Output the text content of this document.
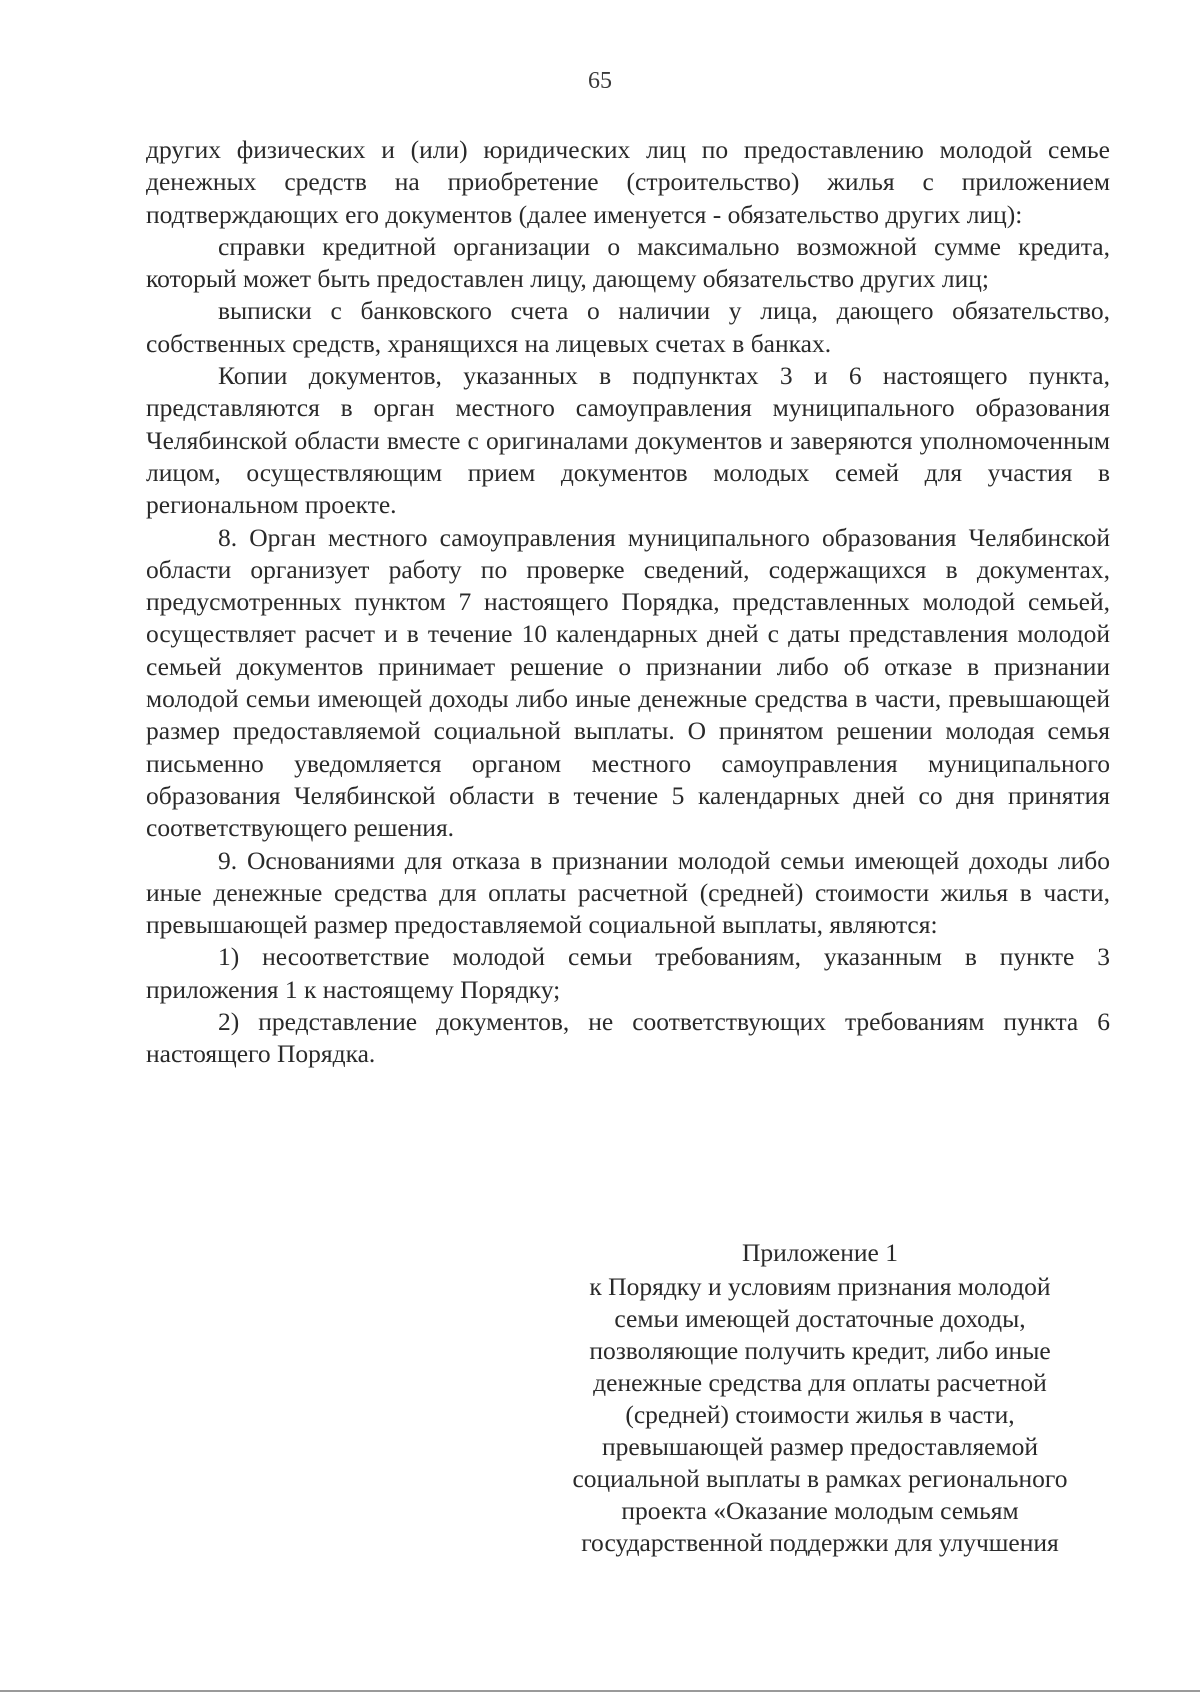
65

других физических и (или) юридических лиц по предоставлению молодой семье денежных средств на приобретение (строительство) жилья с приложением подтверждающих его документов (далее именуется - обязательство других лиц):

справки кредитной организации о максимально возможной сумме кредита, который может быть предоставлен лицу, дающему обязательство других лиц;

выписки с банковского счета о наличии у лица, дающего обязательство, собственных средств, хранящихся на лицевых счетах в банках.

Копии документов, указанных в подпунктах 3 и 6 настоящего пункта, представляются в орган местного самоуправления муниципального образования Челябинской области вместе с оригиналами документов и заверяются уполномоченным лицом, осуществляющим прием документов молодых семей для участия в региональном проекте.

8. Орган местного самоуправления муниципального образования Челябинской области организует работу по проверке сведений, содержащихся в документах, предусмотренных пунктом 7 настоящего Порядка, представленных молодой семьей, осуществляет расчет и в течение 10 календарных дней с даты представления молодой семьей документов принимает решение о признании либо об отказе в признании молодой семьи имеющей доходы либо иные денежные средства в части, превышающей размер предоставляемой социальной выплаты. О принятом решении молодая семья письменно уведомляется органом местного самоуправления муниципального образования Челябинской области в течение 5 календарных дней со дня принятия соответствующего решения.

9. Основаниями для отказа в признании молодой семьи имеющей доходы либо иные денежные средства для оплаты расчетной (средней) стоимости жилья в части, превышающей размер предоставляемой социальной выплаты, являются:

1) несоответствие молодой семьи требованиям, указанным в пункте 3 приложения 1 к настоящему Порядку;

2) представление документов, не соответствующих требованиям пункта 6 настоящего Порядка.

Приложение 1
к Порядку и условиям признания молодой
семьи имеющей достаточные доходы,
позволяющие получить кредит, либо иные
денежные средства для оплаты расчетной
(средней) стоимости жилья в части,
превышающей размер предоставляемой
социальной выплаты в рамках регионального
проекта «Оказание молодым семьям
государственной поддержки для улучшения
